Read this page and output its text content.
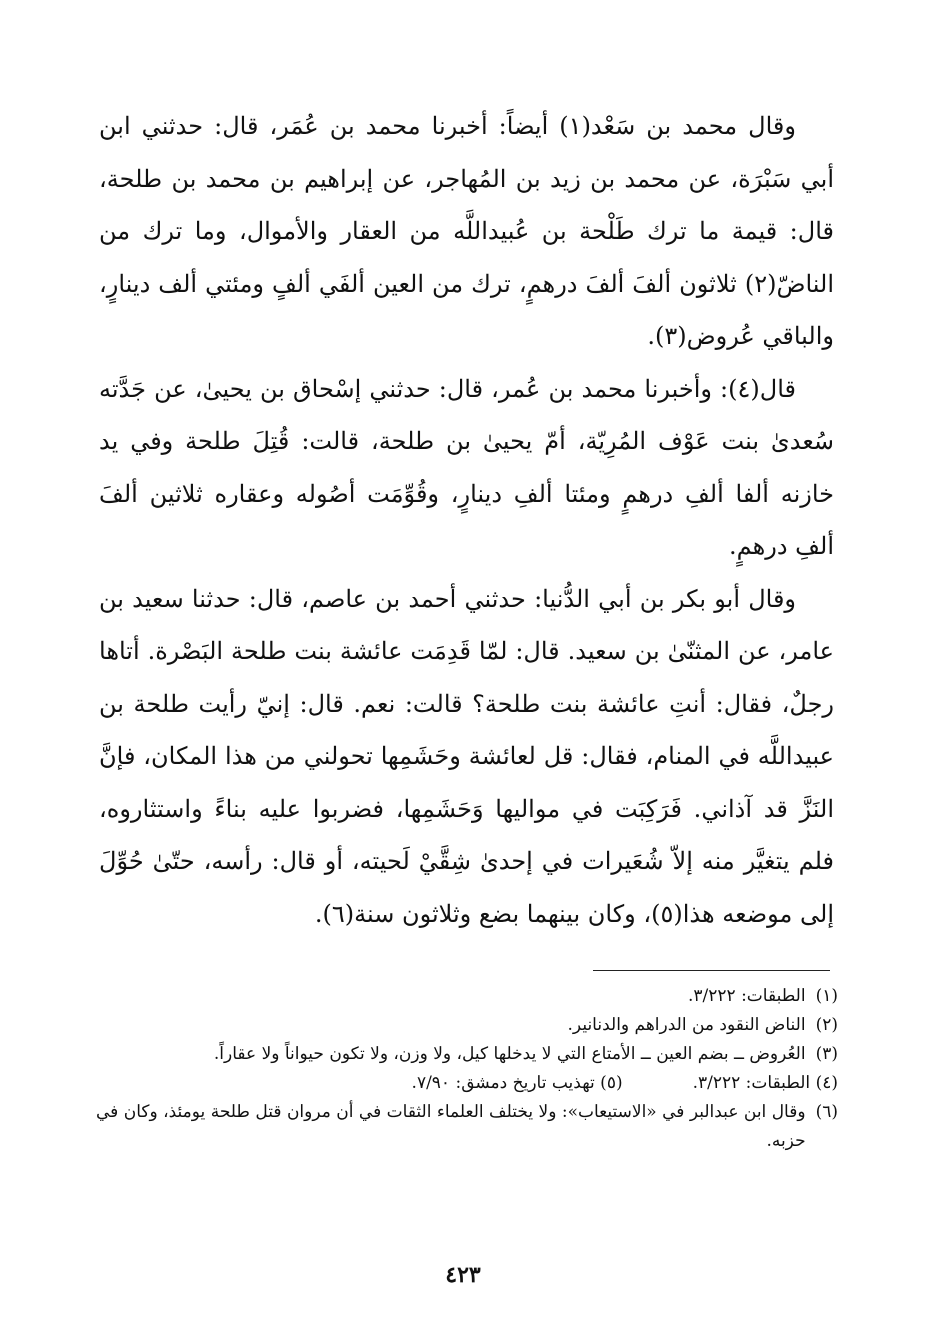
وقال محمد بن سَعْد(١) أيضاً: أخبرنا محمد بن عُمَر، قال: حدثني ابن أبي سَبْرَة، عن محمد بن زيد بن المُهاجر، عن إبراهيم بن محمد بن طلحة، قال: قيمة ما ترك طَلْحة بن عُبيداللَّه من العقار والأموال، وما ترك من الناضّ(٢) ثلاثون ألفَ ألفَ درهمٍ، ترك من العين ألفَي ألفٍ ومئتي ألف دينارٍ، والباقي عُروض(٣).

قال(٤): وأخبرنا محمد بن عُمر، قال: حدثني إسْحاق بن يحيىٰ، عن جَدَّته سُعدىٰ بنت عَوْف المُرِيّة، أمّ يحيىٰ بن طلحة، قالت: قُتِلَ طلحة وفي يد خازنه ألفا ألفِ درهمٍ ومئتا ألفِ دينارٍ، وقُوِّمَت أصُوله وعقاره ثلاثين ألفَ ألفِ درهمٍ.

وقال أبو بكر بن أبي الدُّنيا: حدثني أحمد بن عاصم، قال: حدثنا سعيد بن عامر، عن المثنّىٰ بن سعيد. قال: لمّا قَدِمَت عائشة بنت طلحة البَصْرة. أتاها رجلٌ، فقال: أنتِ عائشة بنت طلحة؟ قالت: نعم. قال: إنيّ رأيت طلحة بن عبيداللَّه في المنام، فقال: قل لعائشة وحَشَمِها تحولني من هذا المكان، فإنَّ النَزَّ قد آذاني. فَرَكِبَت في مواليها وَحَشَمِها، فضربوا عليه بناءً واستثاروه، فلم يتغيَّر منه إلاّ شُعَيرات في إحدىٰ شِقَّيْ لَحيته، أو قال: رأسه، حتّىٰ حُوِّلَ إلى موضعه هذا(٥)، وكان بينهما بضع وثلاثون سنة(٦).

(١)
الطبقات: ٣/٢٢٢.
(٢)
الناض النقود من الدراهم والدنانير.
(٣)
العُروض ــ بضم العين ــ الأمتاع التي لا يدخلها كيل، ولا وزن، ولا تكون حيواناً ولا عقاراً.
(٤) الطبقات: ٣/٢٢٢.
(٥) تهذيب تاريخ دمشق: ٧/٩٠.
(٦)
وقال ابن عبدالبر في «الاستيعاب»: ولا يختلف العلماء الثقات في أن مروان قتل طلحة يومئذ، وكان في حزبه.
٤٢٣
